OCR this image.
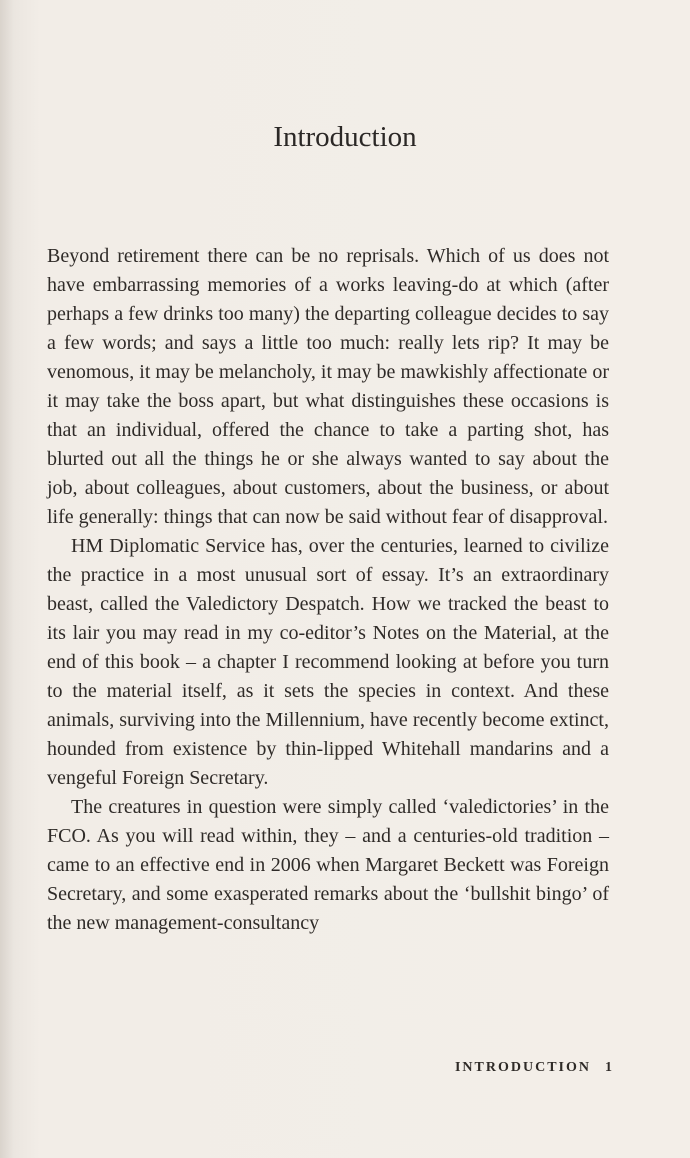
Introduction

Beyond retirement there can be no reprisals. Which of us does not have embarrassing memories of a works leaving-do at which (after perhaps a few drinks too many) the departing colleague decides to say a few words; and says a little too much: really lets rip? It may be venomous, it may be melancholy, it may be mawkishly affectionate or it may take the boss apart, but what distinguishes these occasions is that an individual, offered the chance to take a parting shot, has blurted out all the things he or she always wanted to say about the job, about colleagues, about customers, about the business, or about life generally: things that can now be said without fear of disapproval.

HM Diplomatic Service has, over the centuries, learned to civilize the practice in a most unusual sort of essay. It’s an extraordinary beast, called the Valedictory Despatch. How we tracked the beast to its lair you may read in my co-editor’s Notes on the Material, at the end of this book – a chapter I recommend looking at before you turn to the material itself, as it sets the species in context. And these animals, surviving into the Millennium, have recently become extinct, hounded from existence by thin-lipped Whitehall mandarins and a vengeful Foreign Secretary.

The creatures in question were simply called ‘valedictories’ in the FCO. As you will read within, they – and a centuries-old tradition – came to an effective end in 2006 when Margaret Beckett was Foreign Secretary, and some exasperated remarks about the ‘bullshit bingo’ of the new management-consultancy

INTRODUCTION 1
